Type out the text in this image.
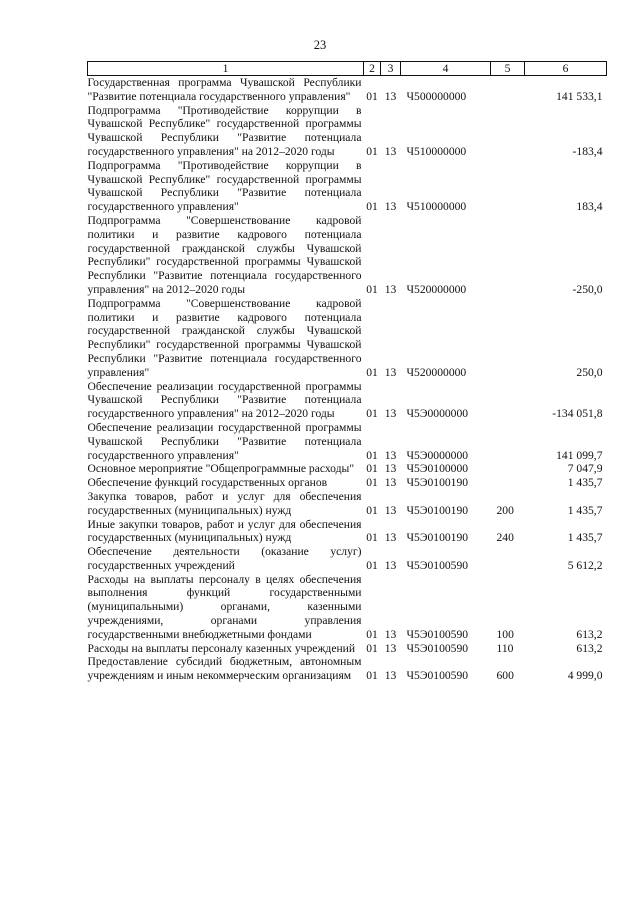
23
1	2	3	4	5	6
Государственная программа Чувашской Республики "Развитие потенциала государственного управления"	01	13	Ч500000000		141 533,1
Подпрограмма "Противодействие коррупции в Чувашской Республике" государственной программы Чувашской Республики "Развитие потенциала государственного управления" на 2012–2020 годы	01	13	Ч510000000		-183,4
Подпрограмма "Противодействие коррупции в Чувашской Республике" государственной программы Чувашской Республики "Развитие потенциала государственного управления"	01	13	Ч510000000		183,4
Подпрограмма "Совершенствование кадровой политики и развитие кадрового потенциала государственной гражданской службы Чувашской Республики" государственной программы Чувашской Республики "Развитие потенциала государственного управления" на 2012–2020 годы	01	13	Ч520000000		-250,0
Подпрограмма "Совершенствование кадровой политики и развитие кадрового потенциала государственной гражданской службы Чувашской Республики" государственной программы Чувашской Республики "Развитие потенциала государственного управления"	01	13	Ч520000000		250,0
Обеспечение реализации государственной программы Чувашской Республики "Развитие потенциала государственного управления" на 2012–2020 годы	01	13	Ч5Э0000000		-134 051,8
Обеспечение реализации государственной программы Чувашской Республики "Развитие потенциала государственного управления"	01	13	Ч5Э0000000		141 099,7
Основное мероприятие "Общепрограммные расходы"	01	13	Ч5Э0100000		7 047,9
Обеспечение функций государственных органов	01	13	Ч5Э0100190		1 435,7
Закупка товаров, работ и услуг для обеспечения государственных (муниципальных) нужд	01	13	Ч5Э0100190	200	1 435,7
Иные закупки товаров, работ и услуг для обеспечения государственных (муниципальных) нужд	01	13	Ч5Э0100190	240	1 435,7
Обеспечение деятельности (оказание услуг) государственных учреждений	01	13	Ч5Э0100590		5 612,2
Расходы на выплаты персоналу в целях обеспечения выполнения функций государственными (муниципальными) органами, казенными учреждениями, органами управления государственными внебюджетными фондами	01	13	Ч5Э0100590	100	613,2
Расходы на выплаты персоналу казенных учреждений	01	13	Ч5Э0100590	110	613,2
Предоставление субсидий бюджетным, автономным учреждениям и иным некоммерческим организациям	01	13	Ч5Э0100590	600	4 999,0
